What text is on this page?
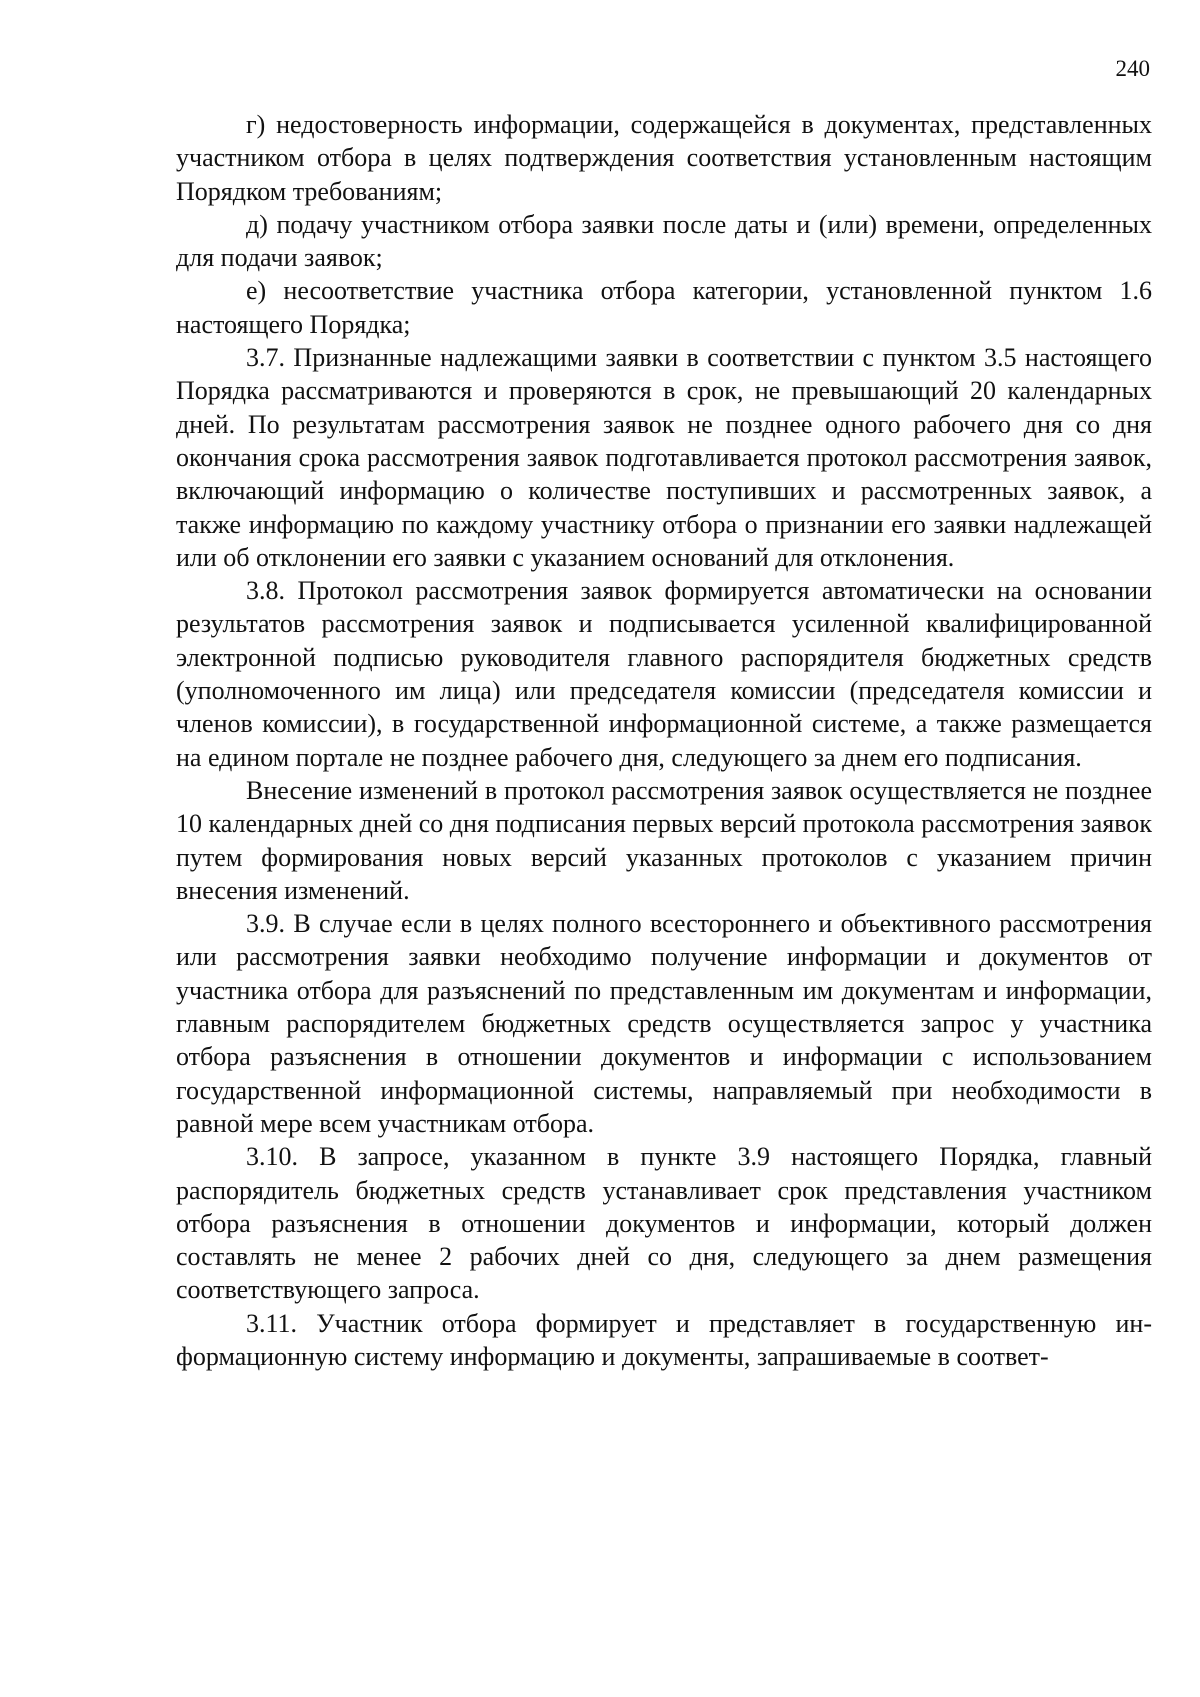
240

г) недостоверность информации, содержащейся в документах, представленных участником отбора в целях подтверждения соответствия установленным настоящим Порядком требованиям;

д) подачу участником отбора заявки после даты и (или) времени, определенных для подачи заявок;

е) несоответствие участника отбора категории, установленной пунктом 1.6 настоящего Порядка;

3.7. Признанные надлежащими заявки в соответствии с пунктом 3.5 настоящего Порядка рассматриваются и проверяются в срок, не превышающий 20 календарных дней. По результатам рассмотрения заявок не позднее одного рабочего дня со дня окончания срока рассмотрения заявок подготавливается протокол рассмотрения заявок, включающий информацию о количестве поступивших и рассмотренных заявок, а также информацию по каждому участнику отбора о признании его заявки надлежащей или об отклонении его заявки с указанием оснований для отклонения.

3.8. Протокол рассмотрения заявок формируется автоматически на основании результатов рассмотрения заявок и подписывается усиленной квалифицированной электронной подписью руководителя главного распорядителя бюджетных средств (уполномоченного им лица) или председателя комиссии (председателя комиссии и членов комиссии), в государственной информационной системе, а также размещается на едином портале не позднее рабочего дня, следующего за днем его подписания.

Внесение изменений в протокол рассмотрения заявок осуществляется не позднее 10 календарных дней со дня подписания первых версий протокола рассмотрения заявок путем формирования новых версий указанных протоколов с указанием причин внесения изменений.

3.9. В случае если в целях полного всестороннего и объективного рассмотрения или рассмотрения заявки необходимо получение информации и документов от участника отбора для разъяснений по представленным им документам и информации, главным распорядителем бюджетных средств осуществляется запрос у участника отбора разъяснения в отношении документов и информации с использованием государственной информационной системы, направляемый при необходимости в равной мере всем участникам отбора.

3.10. В запросе, указанном в пункте 3.9 настоящего Порядка, главный распорядитель бюджетных средств устанавливает срок представления участником отбора разъяснения в отношении документов и информации, который должен составлять не менее 2 рабочих дней со дня, следующего за днем размещения соответствующего запроса.

3.11. Участник отбора формирует и представляет в государственную информационную систему информацию и документы, запрашиваемые в соответ-
